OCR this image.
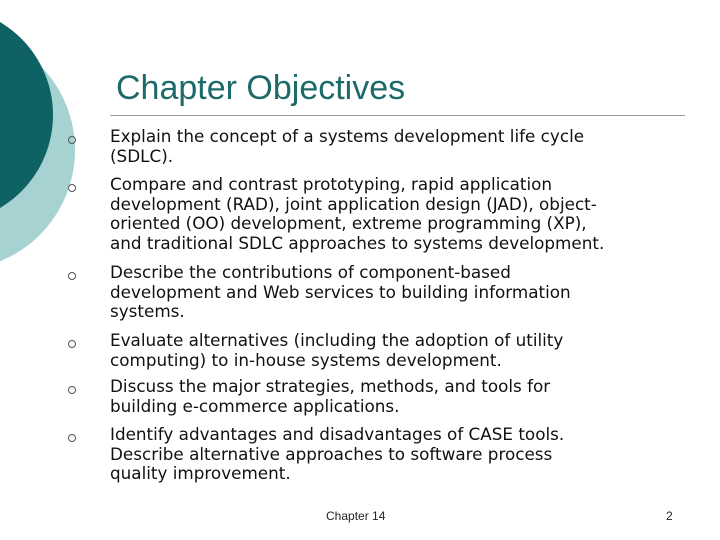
Chapter Objectives
Explain the concept of a systems development life cycle
(SDLC).
Compare and contrast prototyping, rapid application
development (RAD), joint application design (JAD), object-
oriented (OO) development, extreme programming (XP),
and traditional SDLC approaches to systems development.
Describe the contributions of component-based
development and Web services to building information
systems.
Evaluate alternatives (including the adoption of utility
computing) to in-house systems development.
Discuss the major strategies, methods, and tools for
building e-commerce applications.
Identify advantages and disadvantages of CASE tools.
Describe alternative approaches to software process
quality improvement.
Chapter 14	2
